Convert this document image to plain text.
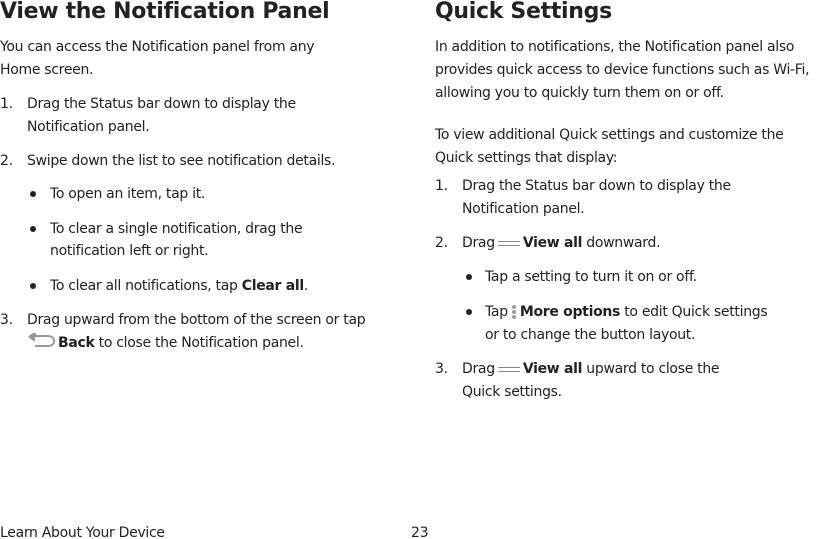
View the Notification Panel
You can access the Notification panel from any
Home screen.
1. Drag the Status bar down to display the
Notification panel.
2. Swipe down the list to see notification details.
To open an item, tap it.
To clear a single notification, drag the
notification left or right.
To clear all notifications, tap Clear all.
3. Drag upward from the bottom of the screen or tap
Back to close the Notification panel.
Quick Settings
In addition to notifications, the Notification panel also
provides quick access to device functions such as Wi-Fi,
allowing you to quickly turn them on or off.
To view additional Quick settings and customize the
Quick settings that display:
1. Drag the Status bar down to display the
Notification panel.
2. Drag View all downward.
Tap a setting to turn it on or off.
Tap More options to edit Quick settings
or to change the button layout.
3. Drag View all upward to close the
Quick settings.
Learn About Your Device	23
